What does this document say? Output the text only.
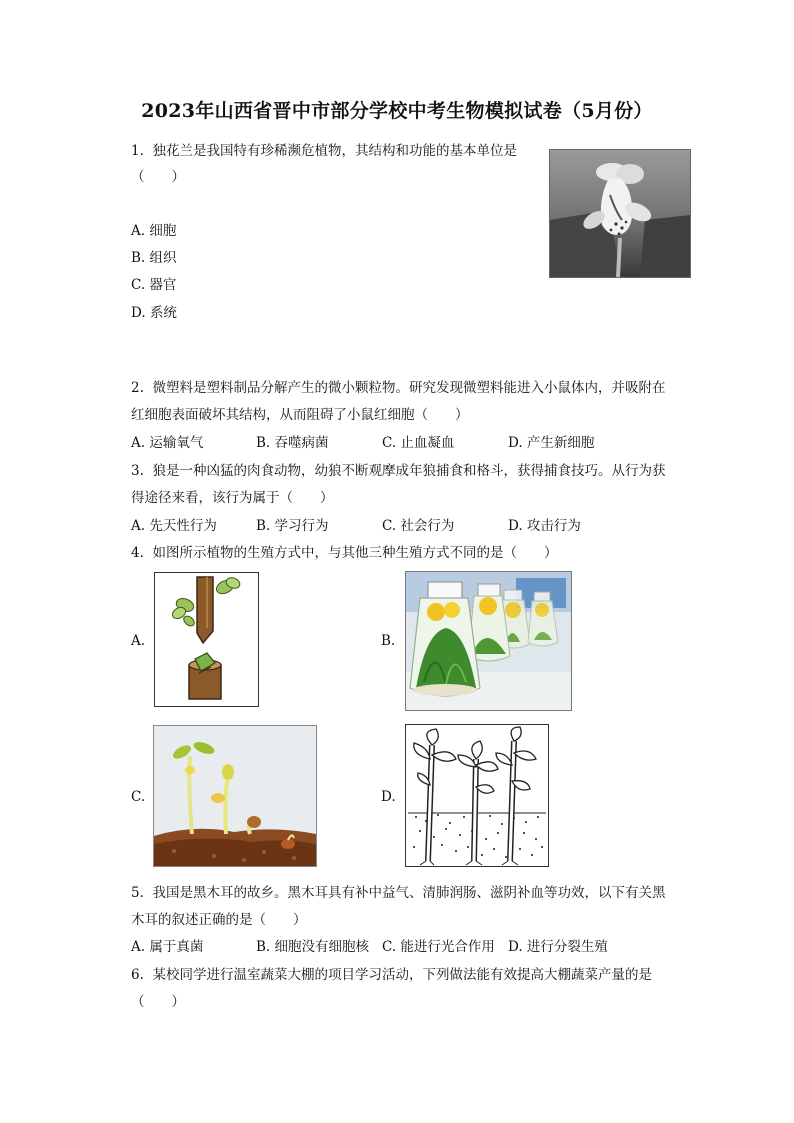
2023年山西省晋中市部分学校中考生物模拟试卷（5月份）
1. 独花兰是我国特有珍稀濒危植物，其结构和功能的基本单位是
（　　）
A. 细胞
B. 组织
C. 器官
D. 系统
2. 微塑料是塑料制品分解产生的微小颗粒物。研究发现微塑料能进入小鼠体内，并吸附在
红细胞表面破坏其结构，从而阻碍了小鼠红细胞（　　）
A. 运输氧气	B. 吞噬病菌	C. 止血凝血	D. 产生新细胞
3. 狼是一种凶猛的肉食动物，幼狼不断观摩成年狼捕食和格斗，获得捕食技巧。从行为获
得途径来看，该行为属于（　　）
A. 先天性行为	B. 学习行为	C. 社会行为	D. 攻击行为
4. 如图所示植物的生殖方式中，与其他三种生殖方式不同的是（　　）
A.	B.
C.	D.
5. 我国是黑木耳的故乡。黑木耳具有补中益气、清肺润肠、滋阴补血等功效，以下有关黑
木耳的叙述正确的是（　　）
A. 属于真菌	B. 细胞没有细胞核 C. 能进行光合作用 D. 进行分裂生殖
6. 某校同学进行温室蔬菜大棚的项目学习活动，下列做法能有效提高大棚蔬菜产量的是
（　　）
